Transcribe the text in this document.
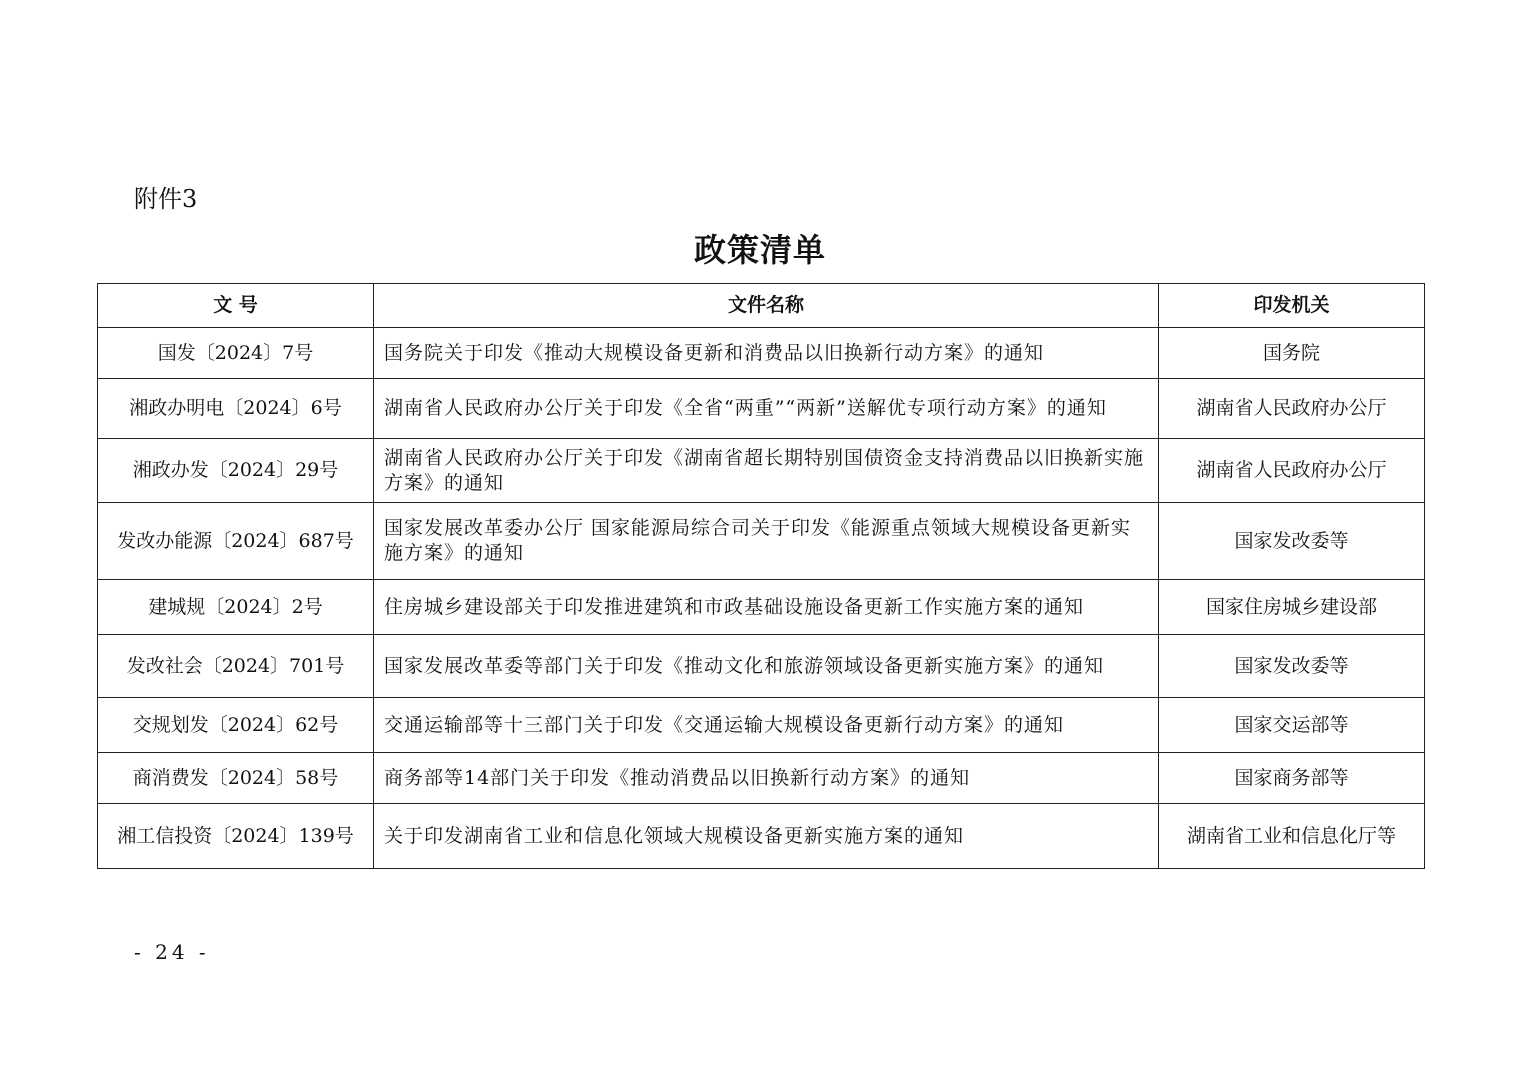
附件3
政策清单
文 号	文件名称	印发机关
国发〔2024〕7号	国务院关于印发《推动大规模设备更新和消费品以旧换新行动方案》的通知	国务院
湘政办明电〔2024〕6号	湖南省人民政府办公厅关于印发《全省“两重”“两新”送解优专项行动方案》的通知	湖南省人民政府办公厅
湘政办发〔2024〕29号	湖南省人民政府办公厅关于印发《湖南省超长期特别国债资金支持消费品以旧换新实施方案》的通知	湖南省人民政府办公厅
发改办能源〔2024〕687号	国家发展改革委办公厅 国家能源局综合司关于印发《能源重点领域大规模设备更新实施方案》的通知	国家发改委等
建城规〔2024〕2号	住房城乡建设部关于印发推进建筑和市政基础设施设备更新工作实施方案的通知	国家住房城乡建设部
发改社会〔2024〕701号	国家发展改革委等部门关于印发《推动文化和旅游领域设备更新实施方案》的通知	国家发改委等
交规划发〔2024〕62号	交通运输部等十三部门关于印发《交通运输大规模设备更新行动方案》的通知	国家交运部等
商消费发〔2024〕58号	商务部等14部门关于印发《推动消费品以旧换新行动方案》的通知	国家商务部等
湘工信投资〔2024〕139号	关于印发湖南省工业和信息化领域大规模设备更新实施方案的通知	湖南省工业和信息化厅等
- 24 -
